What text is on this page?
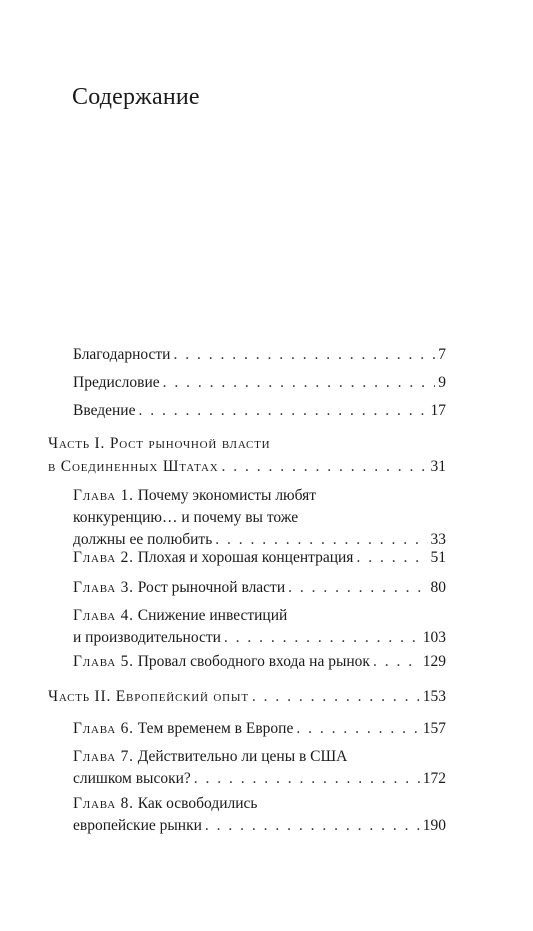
Содержание
Благодарности . . .	7
Предисловие . . .	9
Введение . . .	17
Часть I. Рост рыночной власти
в Соединенных Штатах . . .	31
Глава 1. Почему экономисты любят
конкуренцию… и почему вы тоже
должны ее полюбить . . .	33
Глава 2. Плохая и хорошая концентрация . . .	51
Глава 3. Рост рыночной власти . . .	80
Глава 4. Снижение инвестиций
и производительности . . .	103
Глава 5. Провал свободного входа на рынок . . .	129
Часть II. Европейский опыт . . .	153
Глава 6. Тем временем в Европе . . .	157
Глава 7. Действительно ли цены в США
слишком высоки? . . .	172
Глава 8. Как освободились
европейские рынки . . .	190
